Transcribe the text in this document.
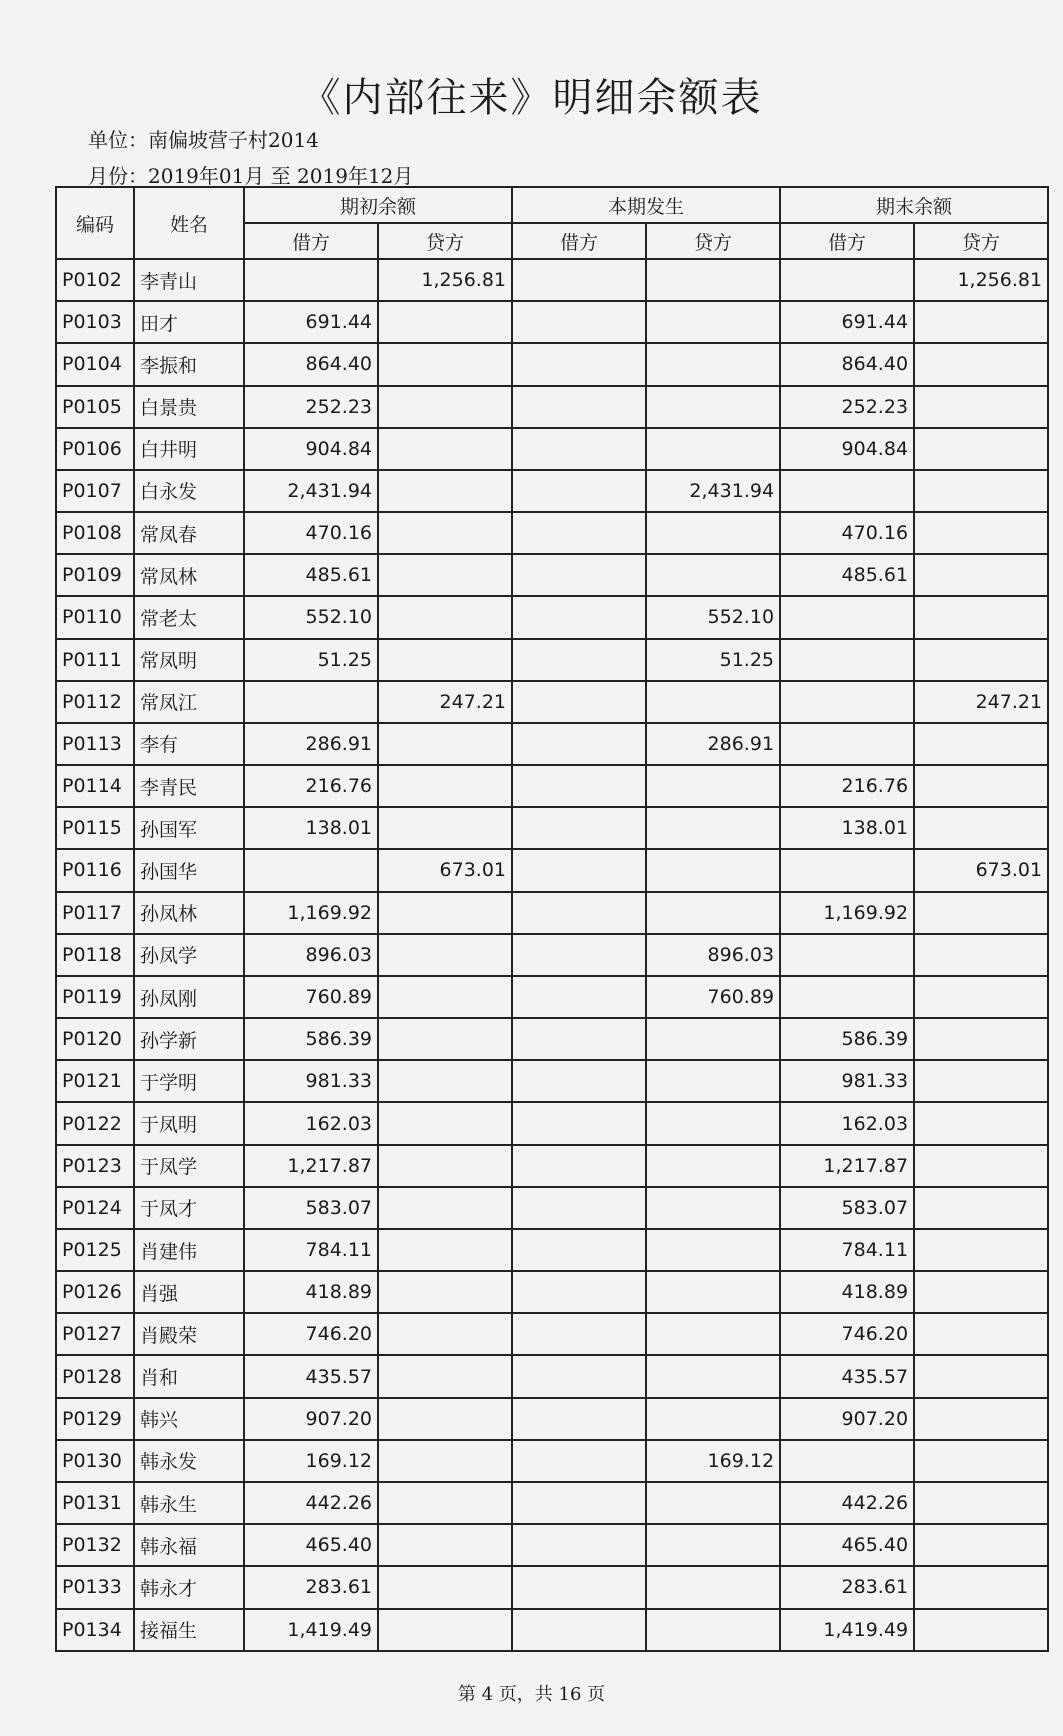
《内部往来》明细余额表
单位：南偏坡营子村2014
月份：2019年01月 至 2019年12月
编码	姓名	期初余额		本期发生		期末余额	
		借方	贷方	借方	贷方	借方	贷方
P0102	李青山		1,256.81				1,256.81
P0103	田才	691.44				691.44	
P0104	李振和	864.40				864.40	
P0105	白景贵	252.23				252.23	
P0106	白井明	904.84				904.84	
P0107	白永发	2,431.94			2,431.94		
P0108	常凤春	470.16				470.16	
P0109	常凤林	485.61				485.61	
P0110	常老太	552.10			552.10		
P0111	常凤明	51.25			51.25		
P0112	常凤江		247.21				247.21
P0113	李有	286.91			286.91		
P0114	李青民	216.76				216.76	
P0115	孙国军	138.01				138.01	
P0116	孙国华		673.01				673.01
P0117	孙凤林	1,169.92				1,169.92	
P0118	孙凤学	896.03			896.03		
P0119	孙凤刚	760.89			760.89		
P0120	孙学新	586.39				586.39	
P0121	于学明	981.33				981.33	
P0122	于凤明	162.03				162.03	
P0123	于凤学	1,217.87				1,217.87	
P0124	于凤才	583.07				583.07	
P0125	肖建伟	784.11				784.11	
P0126	肖强	418.89				418.89	
P0127	肖殿荣	746.20				746.20	
P0128	肖和	435.57				435.57	
P0129	韩兴	907.20				907.20	
P0130	韩永发	169.12			169.12		
P0131	韩永生	442.26				442.26	
P0132	韩永福	465.40				465.40	
P0133	韩永才	283.61				283.61	
P0134	接福生	1,419.49				1,419.49	
第 4 页，共 16 页
